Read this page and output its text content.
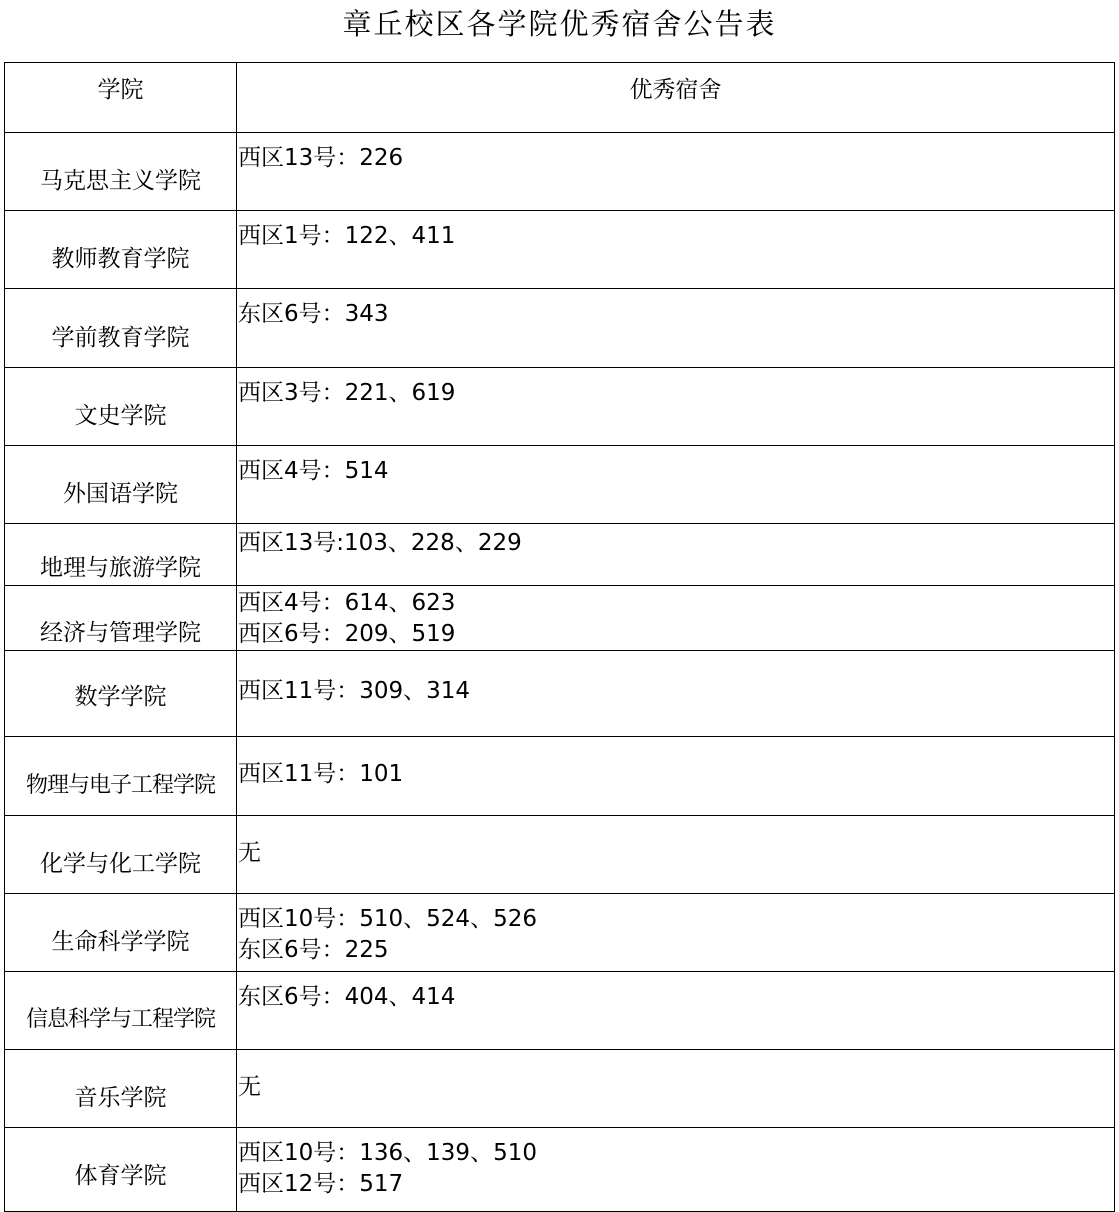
章丘校区各学院优秀宿舍公告表
学院	优秀宿舍
马克思主义学院	西区13号：226

教师教育学院	西区1号：122、411

学前教育学院	东区6号：343

文史学院	西区3号：221、619

外国语学院	西区4号：514

地理与旅游学院	西区13号:103、228、229

经济与管理学院	西区4号：614、623
西区6号：209、519

数学学院	西区11号：309、314

物理与电子工程学院	西区11号：101

化学与化工学院	无

生命科学学院	西区10号：510、524、526
东区6号：225

信息科学与工程学院	东区6号：404、414

音乐学院	无

体育学院	西区10号：136、139、510
西区12号：517
